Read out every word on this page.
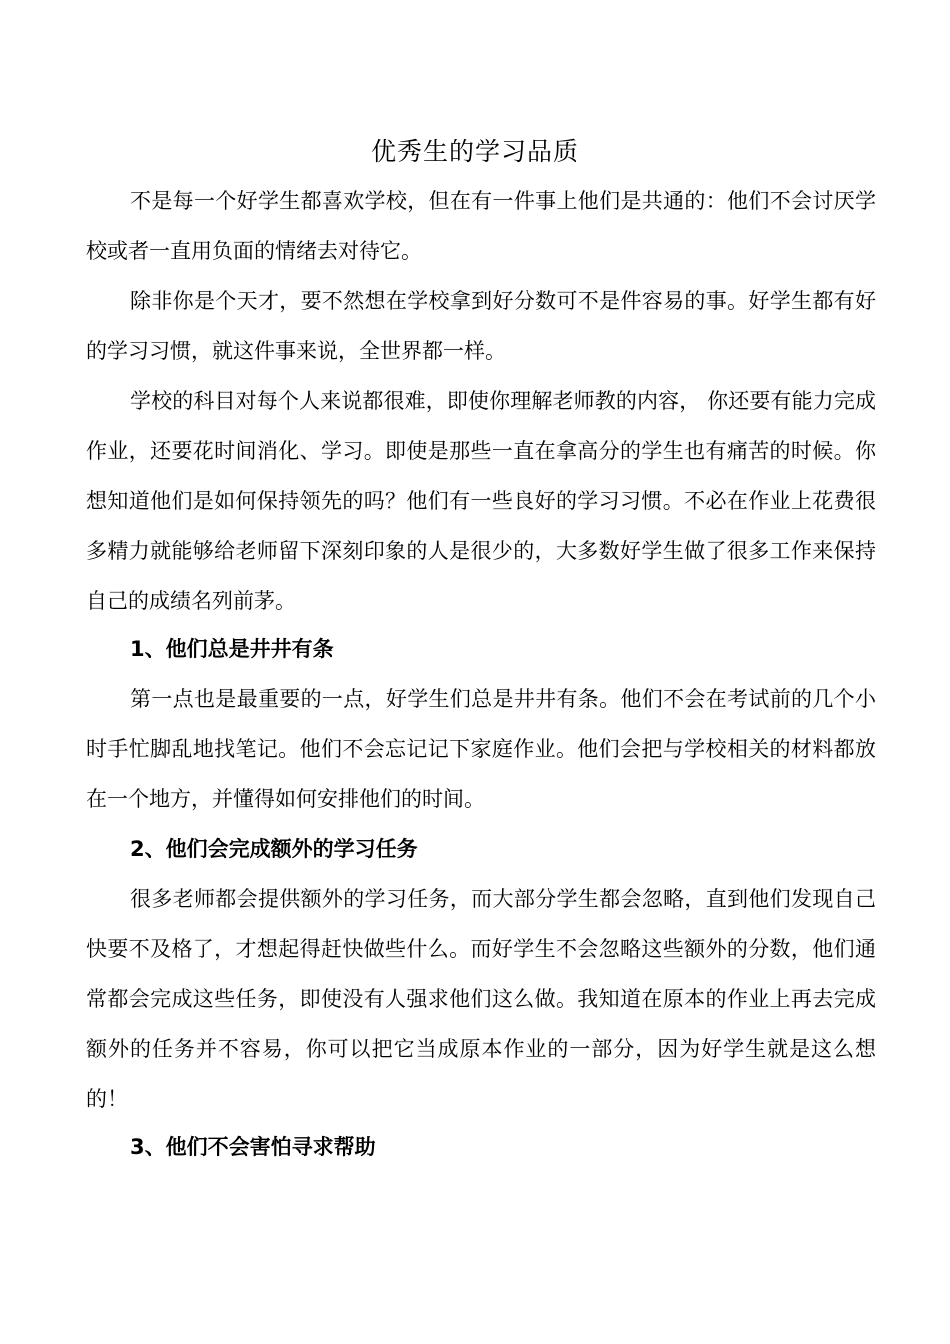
优秀生的学习品质

不是每一个好学生都喜欢学校，但在有一件事上他们是共通的：他们不会讨厌学校或者一直用负面的情绪去对待它。

除非你是个天才，要不然想在学校拿到好分数可不是件容易的事。好学生都有好的学习习惯，就这件事来说，全世界都一样。

学校的科目对每个人来说都很难，即使你理解老师教的内容， 你还要有能力完成作业，还要花时间消化、学习。即使是那些一直在拿高分的学生也有痛苦的时候。你想知道他们是如何保持领先的吗？他们有一些良好的学习习惯。不必在作业上花费很多精力就能够给老师留下深刻印象的人是很少的，大多数好学生做了很多工作来保持自己的成绩名列前茅。

1、他们总是井井有条

第一点也是最重要的一点，好学生们总是井井有条。他们不会在考试前的几个小时手忙脚乱地找笔记。他们不会忘记记下家庭作业。他们会把与学校相关的材料都放在一个地方，并懂得如何安排他们的时间。

2、他们会完成额外的学习任务

很多老师都会提供额外的学习任务，而大部分学生都会忽略，直到他们发现自己快要不及格了，才想起得赶快做些什么。而好学生不会忽略这些额外的分数，他们通常都会完成这些任务，即使没有人强求他们这么做。我知道在原本的作业上再去完成额外的任务并不容易，你可以把它当成原本作业的一部分，因为好学生就是这么想的！

3、他们不会害怕寻求帮助
